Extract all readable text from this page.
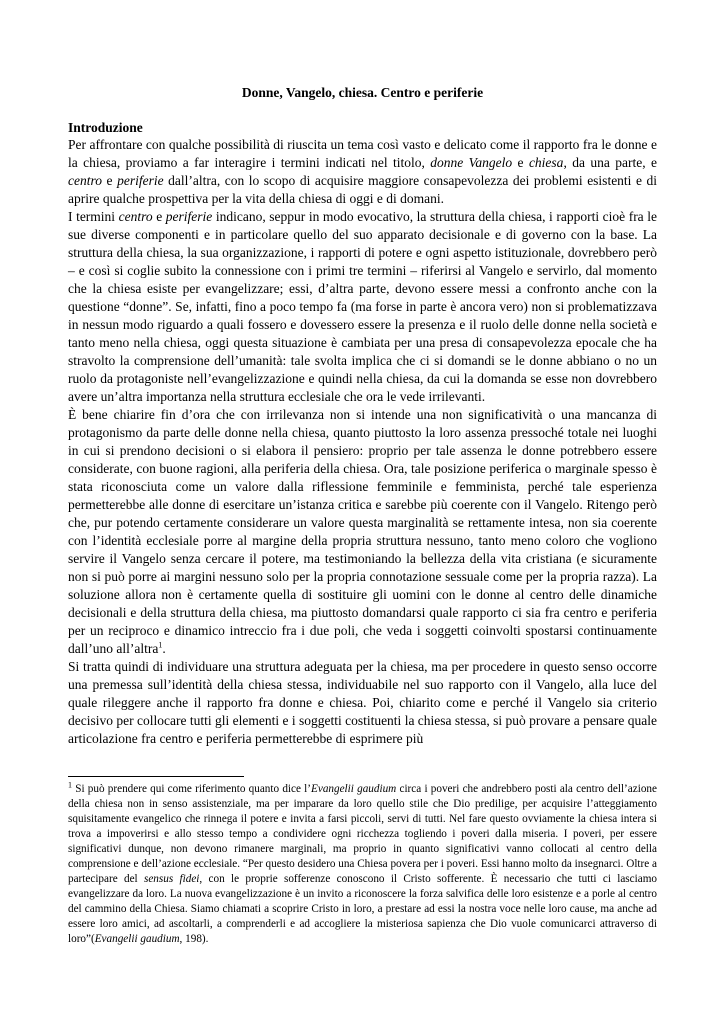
Donne, Vangelo, chiesa. Centro e periferie

Introduzione

Per affrontare con qualche possibilità di riuscita un tema così vasto e delicato come il rapporto fra le donne e la chiesa, proviamo a far interagire i termini indicati nel titolo, donne Vangelo e chiesa, da una parte, e centro e periferie dall’altra, con lo scopo di acquisire maggiore consapevolezza dei problemi esistenti e di aprire qualche prospettiva per la vita della chiesa di oggi e di domani.

I termini centro e periferie indicano, seppur in modo evocativo, la struttura della chiesa, i rapporti cioè fra le sue diverse componenti e in particolare quello del suo apparato decisionale e di governo con la base. La struttura della chiesa, la sua organizzazione, i rapporti di potere e ogni aspetto istituzionale, dovrebbero però – e così si coglie subito la connessione con i primi tre termini – riferirsi al Vangelo e servirlo, dal momento che la chiesa esiste per evangelizzare; essi, d’altra parte, devono essere messi a confronto anche con la questione “donne”. Se, infatti, fino a poco tempo fa (ma forse in parte è ancora vero) non si problematizzava in nessun modo riguardo a quali fossero e dovessero essere la presenza e il ruolo delle donne nella società e tanto meno nella chiesa, oggi questa situazione è cambiata per una presa di consapevolezza epocale che ha stravolto la comprensione dell’umanità: tale svolta implica che ci si domandi se le donne abbiano o no un ruolo da protagoniste nell’evangelizzazione e quindi nella chiesa, da cui la domanda se esse non dovrebbero avere un’altra importanza nella struttura ecclesiale che ora le vede irrilevanti.

È bene chiarire fin d’ora che con irrilevanza non si intende una non significatività o una mancanza di protagonismo da parte delle donne nella chiesa, quanto piuttosto la loro assenza pressoché totale nei luoghi in cui si prendono decisioni o si elabora il pensiero: proprio per tale assenza le donne potrebbero essere considerate, con buone ragioni, alla periferia della chiesa. Ora, tale posizione periferica o marginale spesso è stata riconosciuta come un valore dalla riflessione femminile e femminista, perché tale esperienza permetterebbe alle donne di esercitare un’istanza critica e sarebbe più coerente con il Vangelo. Ritengo però che, pur potendo certamente considerare un valore questa marginalità se rettamente intesa, non sia coerente con l’identità ecclesiale porre al margine della propria struttura nessuno, tanto meno coloro che vogliono servire il Vangelo senza cercare il potere, ma testimoniando la bellezza della vita cristiana (e sicuramente non si può porre ai margini nessuno solo per la propria connotazione sessuale come per la propria razza). La soluzione allora non è certamente quella di sostituire gli uomini con le donne al centro delle dinamiche decisionali e della struttura della chiesa, ma piuttosto domandarsi quale rapporto ci sia fra centro e periferia per un reciproco e dinamico intreccio fra i due poli, che veda i soggetti coinvolti spostarsi continuamente dall’uno all’altra$^1$.

Si tratta quindi di individuare una struttura adeguata per la chiesa, ma per procedere in questo senso occorre una premessa sull’identità della chiesa stessa, individuabile nel suo rapporto con il Vangelo, alla luce del quale rileggere anche il rapporto fra donne e chiesa. Poi, chiarito come e perché il Vangelo sia criterio decisivo per collocare tutti gli elementi e i soggetti costituenti la chiesa stessa, si può provare a pensare quale articolazione fra centro e periferia permetterebbe di esprimere più

$^1$ Si può prendere qui come riferimento quanto dice l’Evangelii gaudium circa i poveri che andrebbero posti ala centro dell’azione della chiesa non in senso assistenziale, ma per imparare da loro quello stile che Dio predilige, per acquisire l’atteggiamento squisitamente evangelico che rinnega il potere e invita a farsi piccoli, servi di tutti. Nel fare questo ovviamente la chiesa intera si trova a impoverirsi e allo stesso tempo a condividere ogni ricchezza togliendo i poveri dalla miseria. I poveri, per essere significativi dunque, non devono rimanere marginali, ma proprio in quanto significativi vanno collocati al centro della comprensione e dell’azione ecclesiale. “Per questo desidero una Chiesa povera per i poveri. Essi hanno molto da insegnarci. Oltre a partecipare del sensus fidei, con le proprie sofferenze conoscono il Cristo sofferente. È necessario che tutti ci lasciamo evangelizzare da loro. La nuova evangelizzazione è un invito a riconoscere la forza salvifica delle loro esistenze e a porle al centro del cammino della Chiesa. Siamo chiamati a scoprire Cristo in loro, a prestare ad essi la nostra voce nelle loro cause, ma anche ad essere loro amici, ad ascoltarli, a comprenderli e ad accogliere la misteriosa sapienza che Dio vuole comunicarci attraverso di loro”(Evangelii gaudium, 198).
